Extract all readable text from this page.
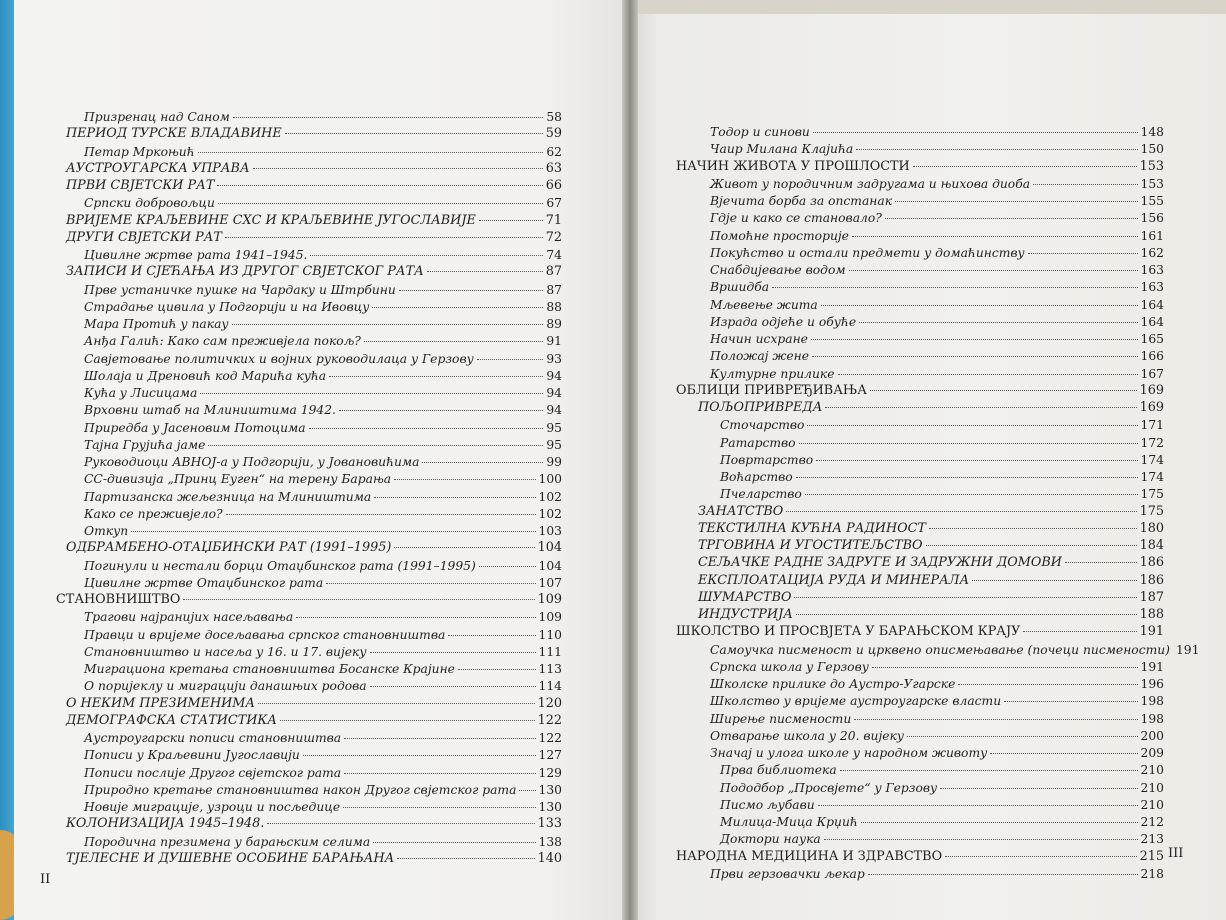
Призренац над Саном	58
ПЕРИОД ТУРСКЕ ВЛАДАВИНЕ	59
Петар Мркоњић	62
АУСТРОУГАРСКА УПРАВА	63
ПРВИ СВЈЕТСКИ РАТ	66
Српски добровољци	67
ВРИЈЕМЕ КРАЉЕВИНЕ СХС И КРАЉЕВИНЕ ЈУГОСЛАВИЈЕ	71
ДРУГИ СВЈЕТСКИ РАТ	72
Цивилне жртве рата 1941–1945.	74
ЗАПИСИ И СЈЕЋАЊА ИЗ ДРУГОГ СВЈЕТСКОГ РАТА	87
Прве устаничке пушке на Чардаку и Штрбини	87
Страдање цивила у Подгорији и на Ивовцу	88
Мара Протић у пакау	89
Анђа Галић: Како сам преживјела покољ?	91
Савјетовање политичких и војних руководилаца у Герзову	93
Шолаја и Дреновић код Марића кућа	94
Кућа у Лисицама	94
Врховни штаб на Млиништима 1942.	94
Приредба у Јасеновим Потоцима	95
Тајна Грујића јаме	95
Руководиоци АВНОЈ-а у Подгорији, у Јовановићима	99
СС-дивизија „Принц Еуген“ на терену Барања	100
Партизанска жељезница на Млиништима	102
Како се преживјело?	102
Откуп	103
ОДБРАМБЕНО-ОТАЏБИНСКИ РАТ (1991–1995)	104
Погинули и нестали борци Отаџбинског рата (1991–1995)	104
Цивилне жртве Отаџбинског рата	107
СТАНОВНИШТВО	109
Трагови најранијих насељавања	109
Правци и вријеме досељавања српског становништва	110
Становништво и насеља у 16. и 17. вијеку	111
Миграциона кретања становништва Босанске Крајине	113
О поријеклу и миграцији данашњих родова	114
О НЕКИМ ПРЕЗИМЕНИМА	120
ДЕМОГРАФСКА СТАТИСТИКА	122
Аустроугарски пописи становништва	122
Пописи у Краљевини Југославији	127
Пописи послије Другог свјетског рата	129
Природно кретање становништва након Другог свјетског рата 130
Новије миграције, узроци и посљедице	130
КОЛОНИЗАЦИЈА 1945–1948.	133
Породична презимена у барањским селима	138
ТЈЕЛЕСНЕ И ДУШЕВНЕ ОСОБИНЕ БАРАЊАНА	140
II
Тодор и синови	148
Чаир Милана Клајића	150
НАЧИН ЖИВОТА У ПРОШЛОСТИ	153
Живот у породичним задругама и њихова диоба	153
Вјечита борба за опстанак	155
Гдје и како се становало?	156
Помоћне просторије	161
Покућство и остали предмети у домаћинству	162
Снабдијевање водом	163
Вршидба	163
Мљевење жита	164
Израда одјеће и обуће	164
Начин исхране	165
Положај жене	166
Културне прилике	167
ОБЛИЦИ ПРИВРЕЂИВАЊА	169
ПОЉОПРИВРЕДА	169
Сточарство	171
Ратарство	172
Повртарство	174
Воћарство	174
Пчеларство	175
ЗАНАТСТВО	175
ТЕКСТИЛНА КУЋНА РАДИНОСТ	180
ТРГОВИНА И УГОСТИТЕЉСТВО	184
СЕЉАЧКЕ РАДНЕ ЗАДРУГЕ И ЗАДРУЖНИ ДОМОВИ	186
ЕКСПЛОАТАЦИЈА РУДА И МИНЕРАЛА	186
ШУМАРСТВО	187
ИНДУСТРИЈА	188
ШКОЛСТВО И ПРОСВЈЕТА У БАРАЊСКОМ КРАЈУ	191
Самоучка писменост и црквено описмењавање (почеци писмености) 191
Српска школа у Герзову	191
Школске прилике до Аустро-Угарске	196
Школство у вријеме аустроугарске власти	198
Ширење писмености	198
Отварање школа у 20. вијеку	200
Значај и улога школе у народном животу	209
Прва библиотека	210
Пододбор „Просвјете“ у Герзову	210
Писмо љубави	210
Милица-Мица Крџић	212
Доктори наука	213
НАРОДНА МЕДИЦИНА И ЗДРАВСТВО	215
Први герзовачки љекар	218
III
